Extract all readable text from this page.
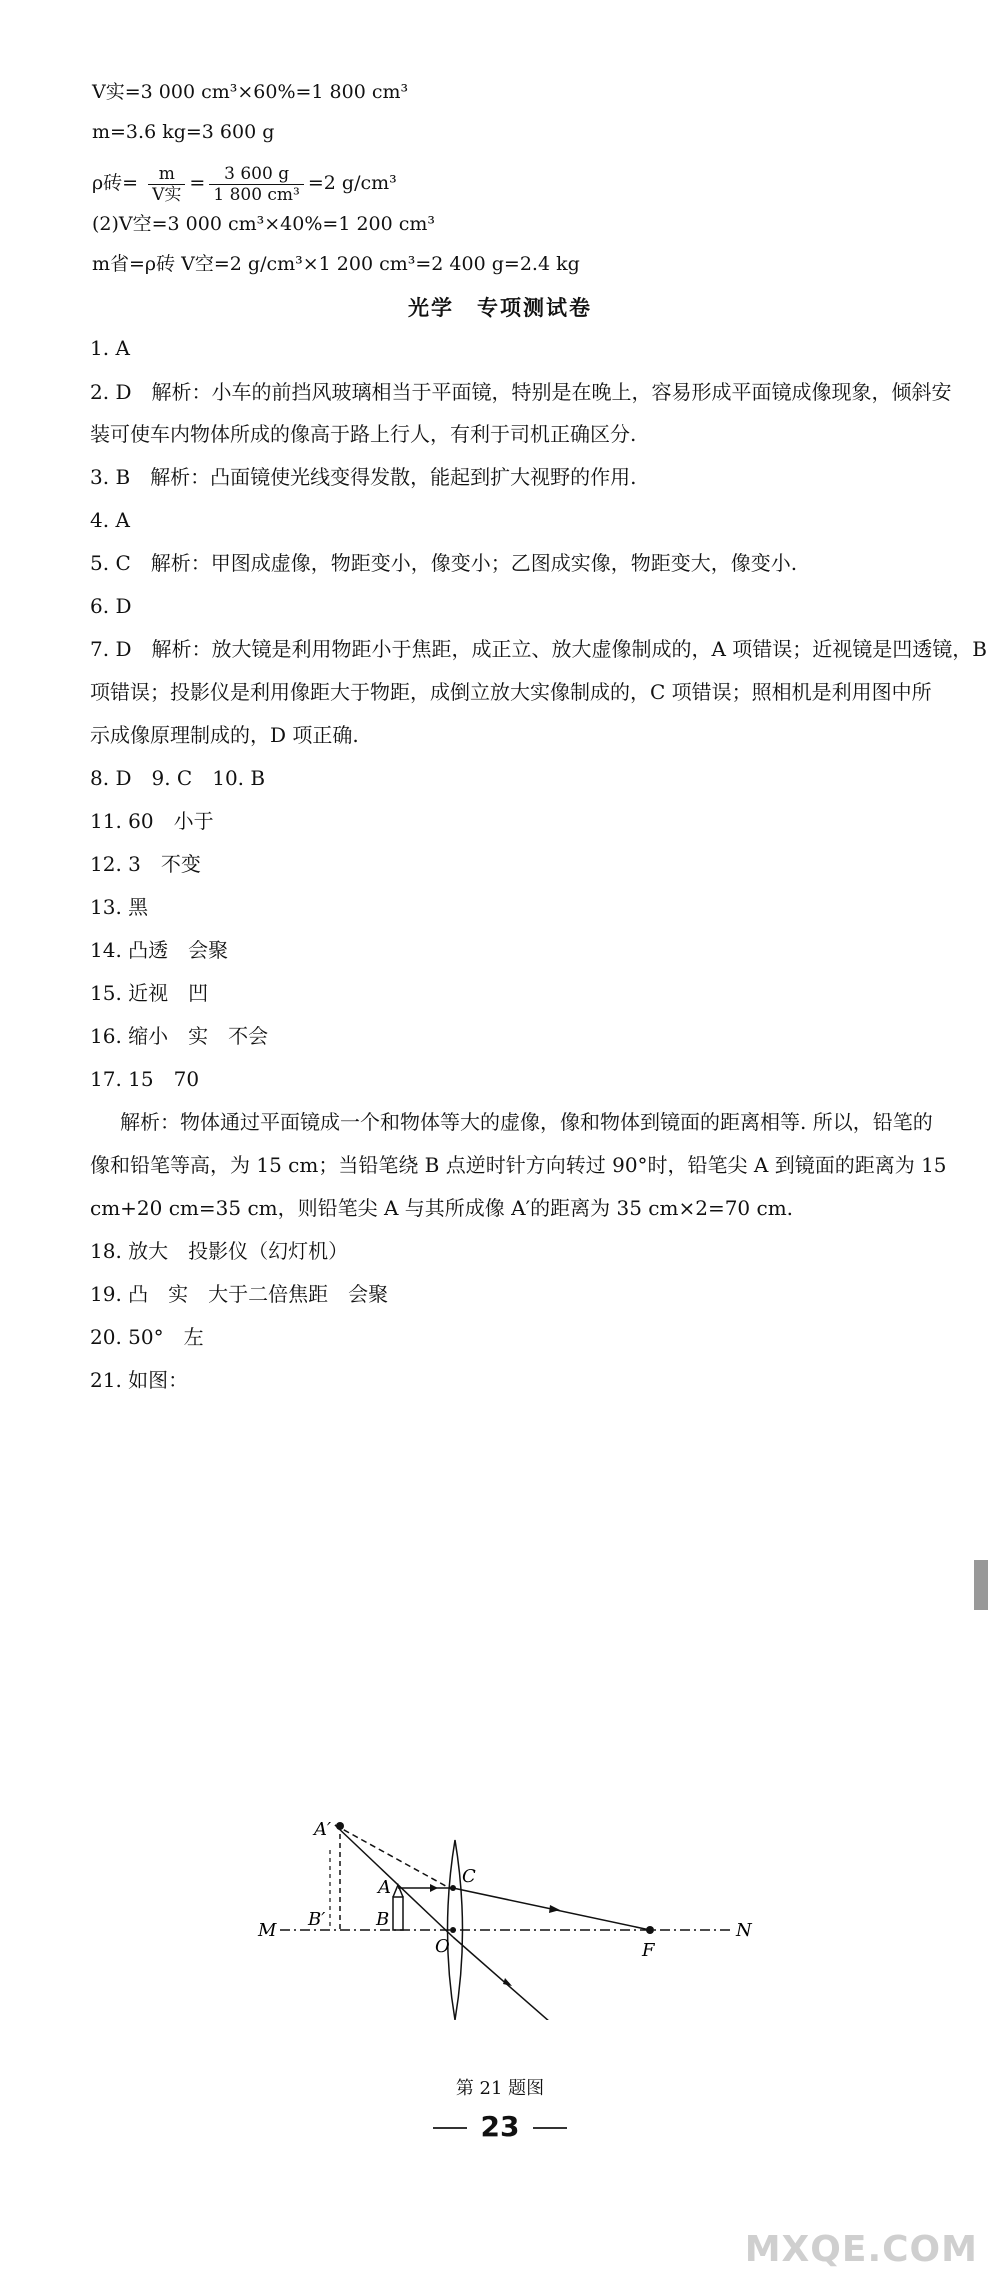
V实=3 000 cm³×60%=1 800 cm³
m=3.6 kg=3 600 g
ρ砖= $\frac{m}{\text{V实}} = \frac{3 600 g}{\text{1 800 cm³}} =2$ g/cm³
(2)V空=3 000 cm³×40%=1 200 cm³
m省=ρ砖 V空=2 g/cm³×1 200 cm³=2 400 g=2.4 kg
光学　专项测试卷
1. A
2. D　解析：小车的前挡风玻璃相当于平面镜，特别是在晚上，容易形成平面镜成像现象，倾斜安
装可使车内物体所成的像高于路上行人，有利于司机正确区分.
3. B　解析：凸面镜使光线变得发散，能起到扩大视野的作用.
4. A
5. C　解析：甲图成虚像，物距变小，像变小；乙图成实像，物距变大，像变小.
6. D
7. D　解析：放大镜是利用物距小于焦距，成正立、放大虚像制成的，A 项错误；近视镜是凹透镜，B
项错误；投影仪是利用像距大于物距，成倒立放大实像制成的，C 项错误；照相机是利用图中所
示成像原理制成的，D 项正确.
8. D　9. C　10. B
11. 60　小于
12. 3　不变
13. 黑
14. 凸透　会聚
15. 近视　凹
16. 缩小　实　不会
17. 15　70
解析：物体通过平面镜成一个和物体等大的虚像，像和物体到镜面的距离相等. 所以，铅笔的
像和铅笔等高，为 15 cm；当铅笔绕 B 点逆时针方向转过 90°时，铅笔尖 A 到镜面的距离为 15
cm+20 cm=35 cm，则铅笔尖 A 与其所成像 A′的距离为 35 cm×2=70 cm.
18. 放大　投影仪（幻灯机）
19. 凸　实　大于二倍焦距　会聚
20. 50°　左
21. 如图：
A′
A
B′	B
C
M	N
O	F
第 21 题图
23
MXQE.COM
